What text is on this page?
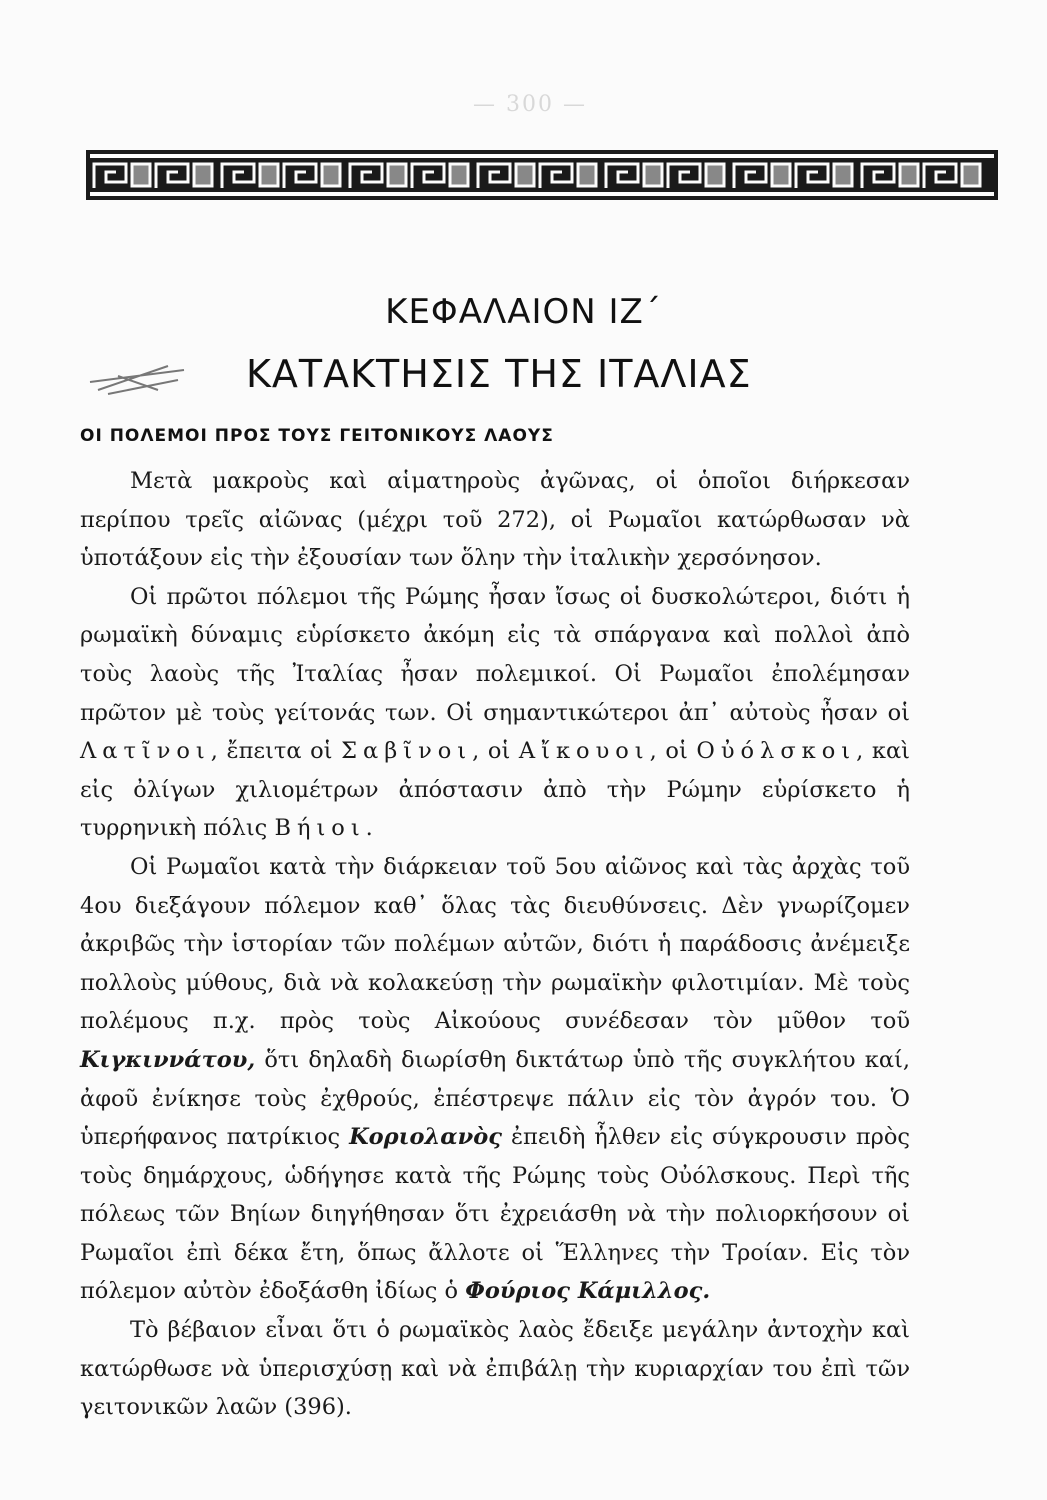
— 300 —
ΚΕΦΑΛΑΙΟΝ ΙΖ΄
ΚΑΤΑΚΤΗΣΙΣ ΤΗΣ ΙΤΑΛΙΑΣ
ΟΙ ΠΟΛΕΜΟΙ ΠΡΟΣ ΤΟΥΣ ΓΕΙΤΟΝΙΚΟΥΣ ΛΑΟΥΣ

Μετὰ μακροὺς καὶ αἱματηροὺς ἀγῶνας, οἱ ὁποῖοι διήρκεσαν περίπου τρεῖς αἰῶνας (μέχρι τοῦ 272), οἱ Ρωμαῖοι κατώρθωσαν νὰ ὑποτάξουν εἰς τὴν ἐξουσίαν των ὅλην τὴν ἰταλικὴν χερσόνησον.

Οἱ πρῶτοι πόλεμοι τῆς Ρώμης ἦσαν ἴσως οἱ δυσκολώτεροι, διότι ἡ ρωμαϊκὴ δύναμις εὑρίσκετο ἀκόμη εἰς τὰ σπάργανα καὶ πολλοὶ ἀπὸ τοὺς λαοὺς τῆς Ἰταλίας ἦσαν πολεμικοί. Οἱ Ρωμαῖοι ἐπολέμησαν πρῶτον μὲ τοὺς γείτονάς των. Οἱ σημαντικώτεροι ἀπ᾽ αὐτοὺς ἦσαν οἱ Λατῖνοι, ἔπειτα οἱ Σαβῖνοι, οἱ Αἴκουοι, οἱ Οὐόλσκοι, καὶ εἰς ὀλίγων χιλιομέτρων ἀπόστασιν ἀπὸ τὴν Ρώμην εὑρίσκετο ἡ τυρρηνικὴ πόλις Βήιοι.

Οἱ Ρωμαῖοι κατὰ τὴν διάρκειαν τοῦ 5ου αἰῶνος καὶ τὰς ἀρχὰς τοῦ 4ου διεξάγουν πόλεμον καθ᾽ ὅλας τὰς διευθύνσεις. Δὲν γνωρίζομεν ἀκριβῶς τὴν ἱστορίαν τῶν πολέμων αὐτῶν, διότι ἡ παράδοσις ἀνέμειξε πολλοὺς μύθους, διὰ νὰ κολακεύσῃ τὴν ρωμαϊκὴν φιλοτιμίαν. Μὲ τοὺς πολέμους π.χ. πρὸς τοὺς Αἰκούους συνέδεσαν τὸν μῦθον τοῦ Κιγκιννάτου, ὅτι δηλαδὴ διωρίσθη δικτάτωρ ὑπὸ τῆς συγκλήτου καί, ἀφοῦ ἐνίκησε τοὺς ἐχθρούς, ἐπέστρεψε πάλιν εἰς τὸν ἀγρόν του. Ὁ ὑπερήφανος πατρίκιος Κοριολανὸς ἐπειδὴ ἦλθεν εἰς σύγκρουσιν πρὸς τοὺς δημάρχους, ὡδήγησε κατὰ τῆς Ρώμης τοὺς Οὐόλσκους. Περὶ τῆς πόλεως τῶν Βηίων διηγήθησαν ὅτι ἐχρειάσθη νὰ τὴν πολιορκήσουν οἱ Ρωμαῖοι ἐπὶ δέκα ἔτη, ὅπως ἄλλοτε οἱ Ἕλληνες τὴν Τροίαν. Εἰς τὸν πόλεμον αὐτὸν ἐδοξάσθη ἰδίως ὁ Φούριος Κάμιλλος.

Τὸ βέβαιον εἶναι ὅτι ὁ ρωμαϊκὸς λαὸς ἔδειξε μεγάλην ἀντοχὴν καὶ κατώρθωσε νὰ ὑπερισχύσῃ καὶ νὰ ἐπιβάλῃ τὴν κυριαρχίαν του ἐπὶ τῶν γειτονικῶν λαῶν (396).
